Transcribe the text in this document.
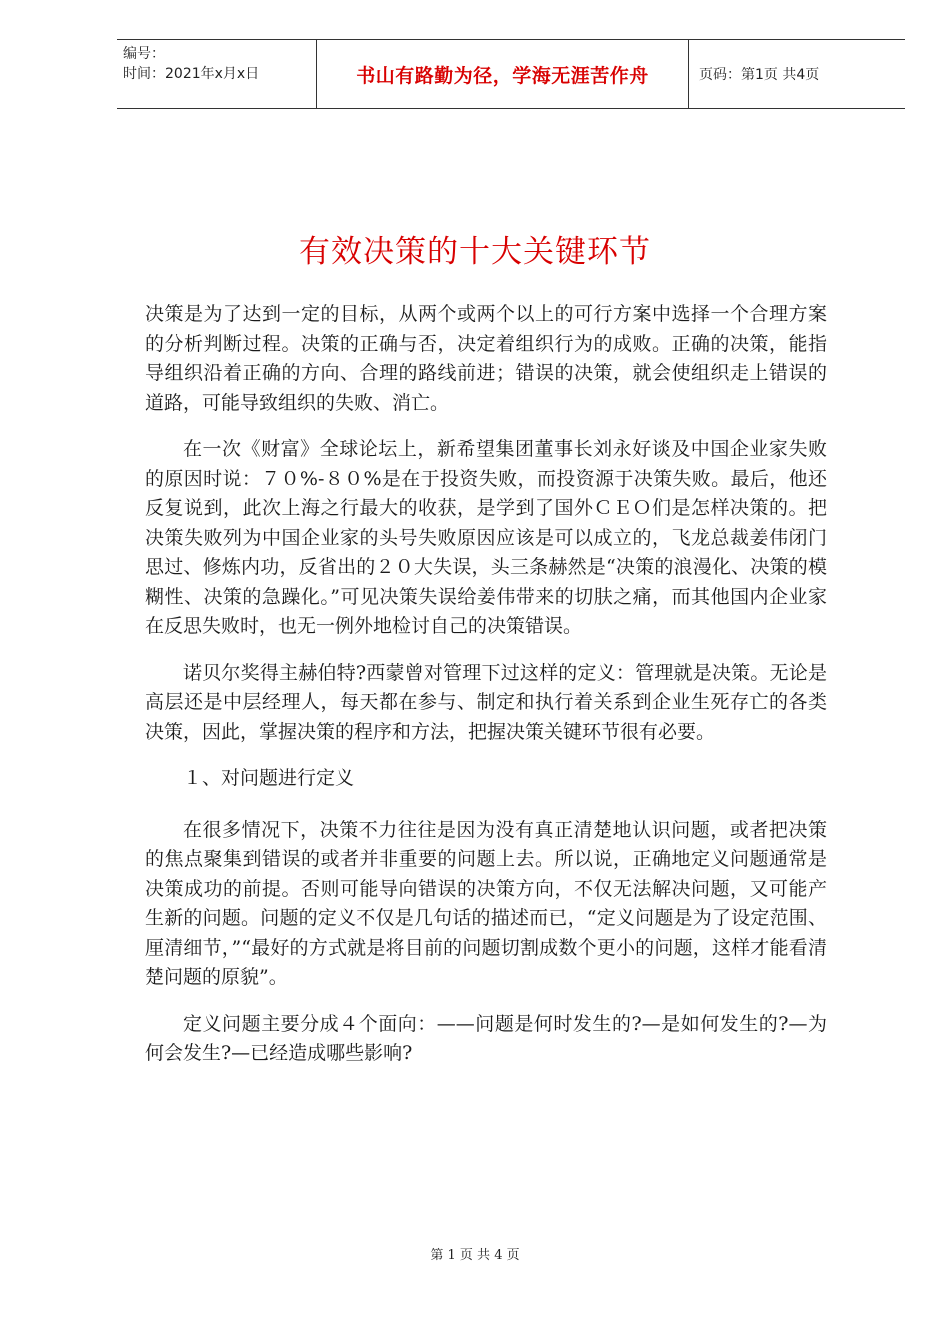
编号：
时间：2021年x月x日	书山有路勤为径，学海无涯苦作舟	页码：第1页 共4页
有效决策的十大关键环节

决策是为了达到一定的目标，从两个或两个以上的可行方案中选择一个合理方案的分析判断过程。决策的正确与否，决定着组织行为的成败。正确的决策，能指导组织沿着正确的方向、合理的路线前进；错误的决策，就会使组织走上错误的道路，可能导致组织的失败、消亡。

在一次《财富》全球论坛上，新希望集团董事长刘永好谈及中国企业家失败的原因时说：７０%-８０%是在于投资失败，而投资源于决策失败。最后，他还反复说到，此次上海之行最大的收获，是学到了国外ＣＥＯ们是怎样决策的。把决策失败列为中国企业家的头号失败原因应该是可以成立的，飞龙总裁姜伟闭门思过、修炼内功，反省出的２０大失误，头三条赫然是“决策的浪漫化、决策的模糊性、决策的急躁化。”可见决策失误给姜伟带来的切肤之痛，而其他国内企业家在反思失败时，也无一例外地检讨自己的决策错误。

诺贝尔奖得主赫伯特?西蒙曾对管理下过这样的定义：管理就是决策。无论是高层还是中层经理人，每天都在参与、制定和执行着关系到企业生死存亡的各类决策，因此，掌握决策的程序和方法，把握决策关键环节很有必要。

１、对问题进行定义

在很多情况下，决策不力往往是因为没有真正清楚地认识问题，或者把决策的焦点聚集到错误的或者并非重要的问题上去。所以说，正确地定义问题通常是决策成功的前提。否则可能导向错误的决策方向，不仅无法解决问题，又可能产生新的问题。问题的定义不仅是几句话的描述而已，“定义问题是为了设定范围、厘清细节，”“最好的方式就是将目前的问题切割成数个更小的问题，这样才能看清楚问题的原貌”。

定义问题主要分成４个面向：——问题是何时发生的?—是如何发生的?—为何会发生?—已经造成哪些影响?

第 1 页 共 4 页
